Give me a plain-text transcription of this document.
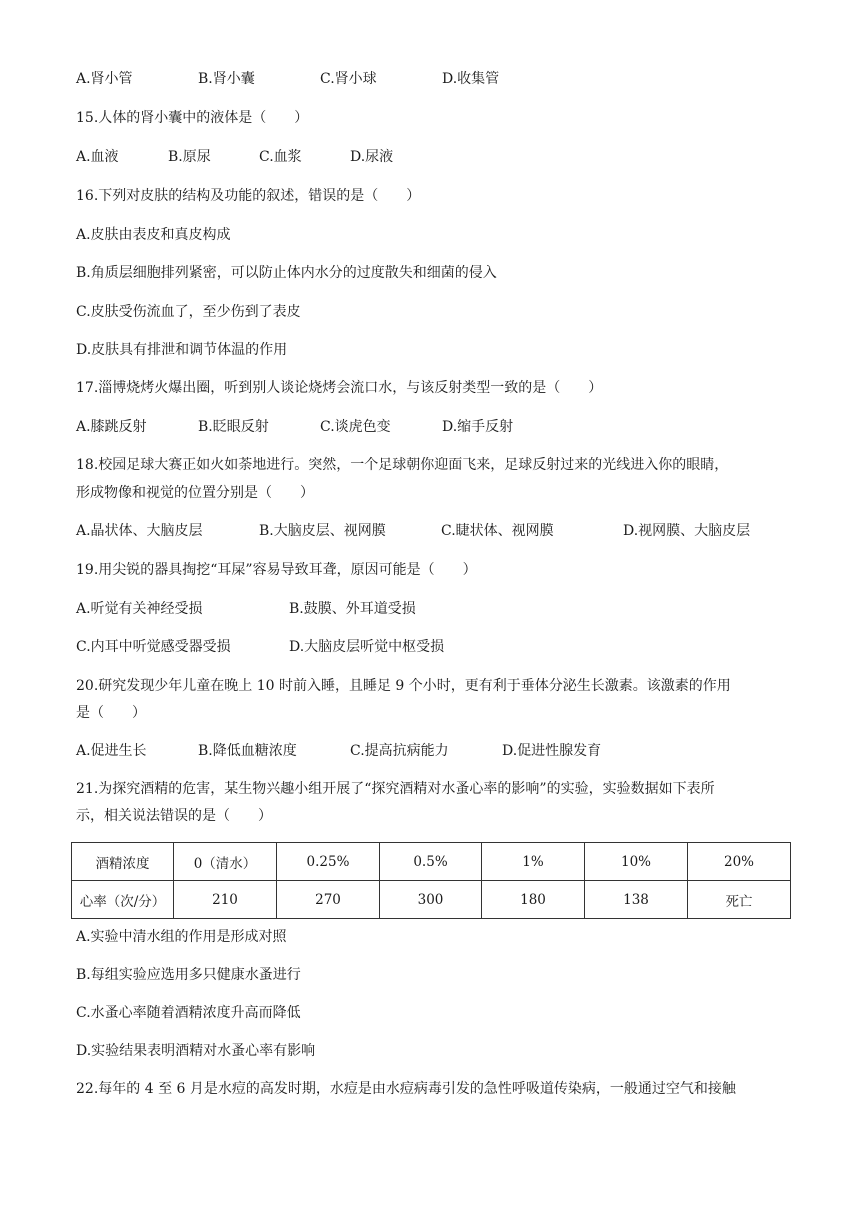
A.肾小管	B.肾小囊	C.肾小球	D.收集管
15.人体的肾小囊中的液体是（　　）
A.血液	B.原尿	C.血浆	D.尿液
16.下列对皮肤的结构及功能的叙述，错误的是（　　）
A.皮肤由表皮和真皮构成
B.角质层细胞排列紧密，可以防止体内水分的过度散失和细菌的侵入
C.皮肤受伤流血了，至少伤到了表皮
D.皮肤具有排泄和调节体温的作用
17.淄博烧烤火爆出圈，听到别人谈论烧烤会流口水，与该反射类型一致的是（　　）
A.膝跳反射	B.眨眼反射	C.谈虎色变	D.缩手反射
18.校园足球大赛正如火如荼地进行。突然，一个足球朝你迎面飞来，足球反射过来的光线进入你的眼睛，
形成物像和视觉的位置分别是（　　）
A.晶状体、大脑皮层	B.大脑皮层、视网膜	C.睫状体、视网膜	D.视网膜、大脑皮层
19.用尖锐的器具掏挖“耳屎”容易导致耳聋，原因可能是（　　）
A.听觉有关神经受损	B.鼓膜、外耳道受损
C.内耳中听觉感受器受损	D.大脑皮层听觉中枢受损
20.研究发现少年儿童在晚上 10 时前入睡，且睡足 9 个小时，更有利于垂体分泌生长激素。该激素的作用
是（　　）
A.促进生长	B.降低血糖浓度	C.提高抗病能力	D.促进性腺发育
21.为探究酒精的危害，某生物兴趣小组开展了“探究酒精对水蚤心率的影响”的实验，实验数据如下表所
示，相关说法错误的是（　　）
酒精浓度	0（清水）	0.25%	0.5%	1%	10%	20%
心率（次/分）	210	270	300	180	138	死亡
A.实验中清水组的作用是形成对照
B.每组实验应选用多只健康水蚤进行
C.水蚤心率随着酒精浓度升高而降低
D.实验结果表明酒精对水蚤心率有影响
22.每年的 4 至 6 月是水痘的高发时期，水痘是由水痘病毒引发的急性呼吸道传染病，一般通过空气和接触
